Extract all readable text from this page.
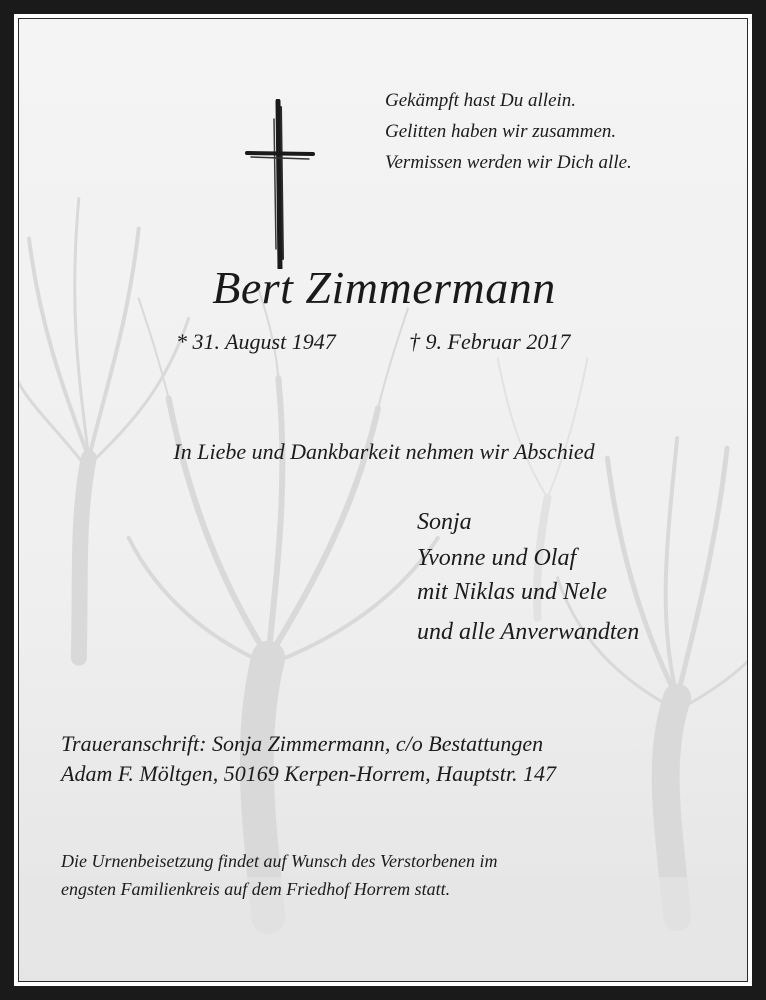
Gekämpft hast Du allein.
Gelitten haben wir zusammen.
Vermissen werden wir Dich alle.
Bert Zimmermann
* 31. August 1947	† 9. Februar 2017
In Liebe und Dankbarkeit nehmen wir Abschied
Sonja
Yvonne und Olaf
mit Niklas und Nele
und alle Anverwandten
Traueranschrift: Sonja Zimmermann, c/o Bestattungen
Adam F. Möltgen, 50169 Kerpen-Horrem, Hauptstr. 147
Die Urnenbeisetzung findet auf Wunsch des Verstorbenen im
engsten Familienkreis auf dem Friedhof Horrem statt.
